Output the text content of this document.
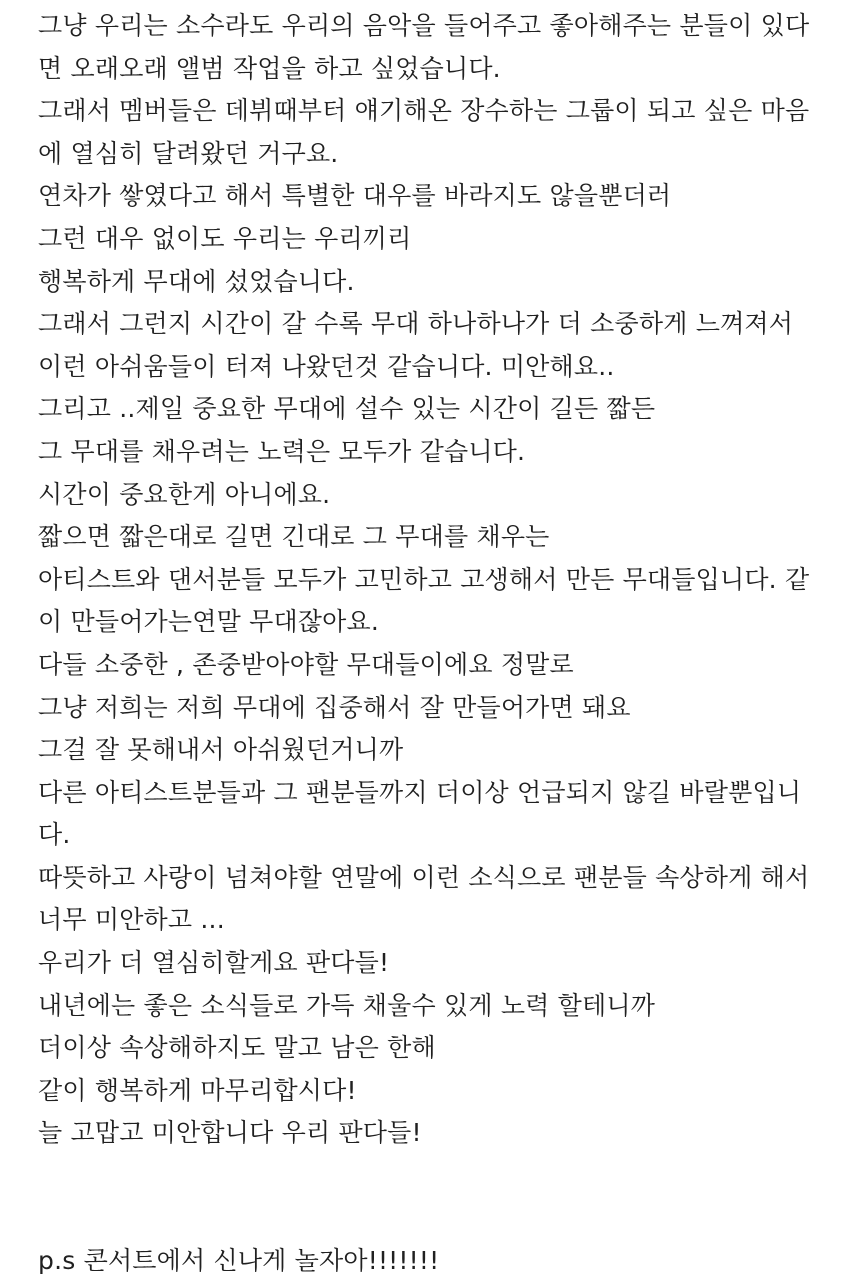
그냥 우리는 소수라도 우리의 음악을 들어주고 좋아해주는 분들이 있다
면 오래오래 앨범 작업을 하고 싶었습니다.
그래서 멤버들은 데뷔때부터 얘기해온 장수하는 그룹이 되고 싶은 마음
에 열심히 달려왔던 거구요.
연차가 쌓였다고 해서 특별한 대우를 바라지도 않을뿐더러
그런 대우 없이도 우리는 우리끼리
행복하게 무대에 섰었습니다.
그래서 그런지 시간이 갈 수록 무대 하나하나가 더 소중하게 느껴져서
이런 아쉬움들이 터져 나왔던것 같습니다. 미안해요..
그리고 ..제일 중요한 무대에 설수 있는 시간이 길든 짧든
그 무대를 채우려는 노력은 모두가 같습니다.
시간이 중요한게 아니에요.
짧으면 짧은대로 길면 긴대로 그 무대를 채우는
아티스트와 댄서분들 모두가 고민하고 고생해서 만든 무대들입니다. 같
이 만들어가는연말 무대잖아요.
다들 소중한 , 존중받아야할 무대들이에요 정말로
그냥 저희는 저희 무대에 집중해서 잘 만들어가면 돼요
그걸 잘 못해내서 아쉬웠던거니까
다른 아티스트분들과 그 팬분들까지 더이상 언급되지 않길 바랄뿐입니
다.
따뜻하고 사랑이 넘쳐야할 연말에 이런 소식으로 팬분들 속상하게 해서
너무 미안하고 ...
우리가 더 열심히할게요 판다들!
내년에는 좋은 소식들로 가득 채울수 있게 노력 할테니까
더이상 속상해하지도 말고 남은 한해
같이 행복하게 마무리합시다!
늘 고맙고 미안합니다 우리 판다들!
p.s 콘서트에서 신나게 놀자아!!!!!!!
